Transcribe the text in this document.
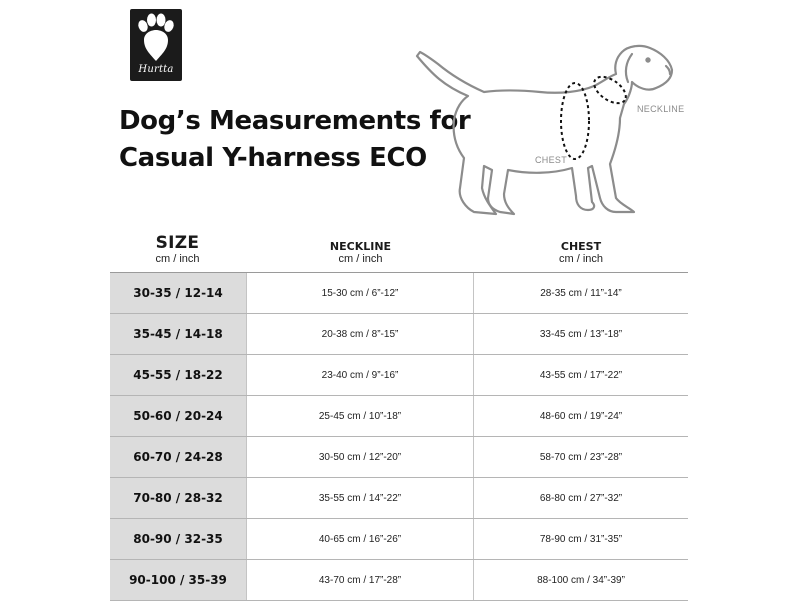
Hurtta
Dog’s Measurements for
Casual Y-harness ECO
NECKLINE
CHEST
SIZE
cm / inch
NECKLINE
cm / inch
CHEST
cm / inch
30-35 / 12-14	15-30 cm / 6”-12”	28-35 cm / 11”-14”
35-45 / 14-18	20-38 cm / 8”-15”	33-45 cm / 13”-18”
45-55 / 18-22	23-40 cm / 9”-16”	43-55 cm / 17”-22”
50-60 / 20-24	25-45 cm / 10”-18”	48-60 cm / 19”-24”
60-70 / 24-28	30-50 cm / 12”-20”	58-70 cm / 23”-28”
70-80 / 28-32	35-55 cm / 14”-22”	68-80 cm / 27”-32”
80-90 / 32-35	40-65 cm / 16”-26”	78-90 cm / 31”-35”
90-100 / 35-39	43-70 cm / 17”-28”	88-100 cm / 34”-39”
